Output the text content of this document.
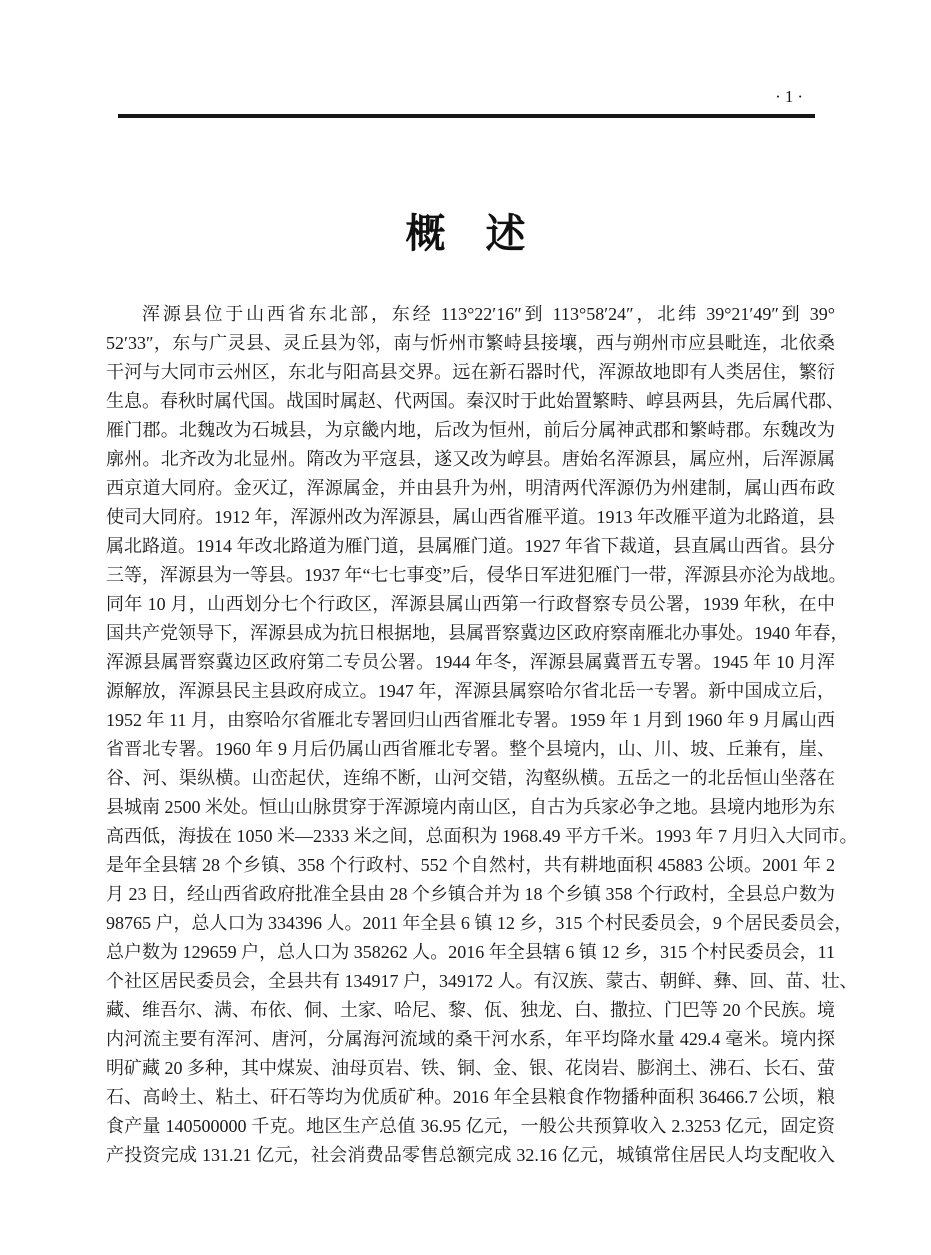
·1·
概　述
浑源县位于山西省东北部，东经 113°22′16″到 113°58′24″，北纬 39°21′49″到 39°
52′33″，东与广灵县、灵丘县为邻，南与忻州市繁峙县接壤，西与朔州市应县毗连，北依桑
干河与大同市云州区，东北与阳高县交界。远在新石器时代，浑源故地即有人类居住，繁衍
生息。春秋时属代国。战国时属赵、代两国。秦汉时于此始置繁畤、崞县两县，先后属代郡、
雁门郡。北魏改为石城县，为京畿内地，后改为恒州，前后分属神武郡和繁峙郡。东魏改为
廓州。北齐改为北显州。隋改为平寇县，遂又改为崞县。唐始名浑源县，属应州，后浑源属
西京道大同府。金灭辽，浑源属金，并由县升为州，明清两代浑源仍为州建制，属山西布政
使司大同府。1912 年，浑源州改为浑源县，属山西省雁平道。1913 年改雁平道为北路道，县
属北路道。1914 年改北路道为雁门道，县属雁门道。1927 年省下裁道，县直属山西省。县分
三等，浑源县为一等县。1937 年“七七事变”后，侵华日军进犯雁门一带，浑源县亦沦为战地。
同年 10 月，山西划分七个行政区，浑源县属山西第一行政督察专员公署，1939 年秋，在中
国共产党领导下，浑源县成为抗日根据地，县属晋察冀边区政府察南雁北办事处。1940 年春，
浑源县属晋察冀边区政府第二专员公署。1944 年冬，浑源县属冀晋五专署。1945 年 10 月浑
源解放，浑源县民主县政府成立。1947 年，浑源县属察哈尔省北岳一专署。新中国成立后，
1952 年 11 月，由察哈尔省雁北专署回归山西省雁北专署。1959 年 1 月到 1960 年 9 月属山西
省晋北专署。1960 年 9 月后仍属山西省雁北专署。整个县境内，山、川、坡、丘兼有，崖、
谷、河、渠纵横。山峦起伏，连绵不断，山河交错，沟壑纵横。五岳之一的北岳恒山坐落在
县城南 2500 米处。恒山山脉贯穿于浑源境内南山区，自古为兵家必争之地。县境内地形为东
高西低，海拔在 1050 米—2333 米之间，总面积为 1968.49 平方千米。1993 年 7 月归入大同市。
是年全县辖 28 个乡镇、358 个行政村、552 个自然村，共有耕地面积 45883 公顷。2001 年 2
月 23 日，经山西省政府批准全县由 28 个乡镇合并为 18 个乡镇 358 个行政村，全县总户数为
98765 户，总人口为 334396 人。2011 年全县 6 镇 12 乡，315 个村民委员会，9 个居民委员会，
总户数为 129659 户，总人口为 358262 人。2016 年全县辖 6 镇 12 乡，315 个村民委员会，11
个社区居民委员会，全县共有 134917 户，349172 人。有汉族、蒙古、朝鲜、彝、回、苗、壮、
藏、维吾尔、满、布依、侗、土家、哈尼、黎、佤、独龙、白、撒拉、门巴等 20 个民族。境
内河流主要有浑河、唐河，分属海河流域的桑干河水系，年平均降水量 429.4 毫米。境内探
明矿藏 20 多种，其中煤炭、油母页岩、铁、铜、金、银、花岗岩、膨润土、沸石、长石、萤
石、高岭土、粘土、矸石等均为优质矿种。2016 年全县粮食作物播种面积 36466.7 公顷，粮
食产量 140500000 千克。地区生产总值 36.95 亿元，一般公共预算收入 2.3253 亿元，固定资
产投资完成 131.21 亿元，社会消费品零售总额完成 32.16 亿元，城镇常住居民人均支配收入
